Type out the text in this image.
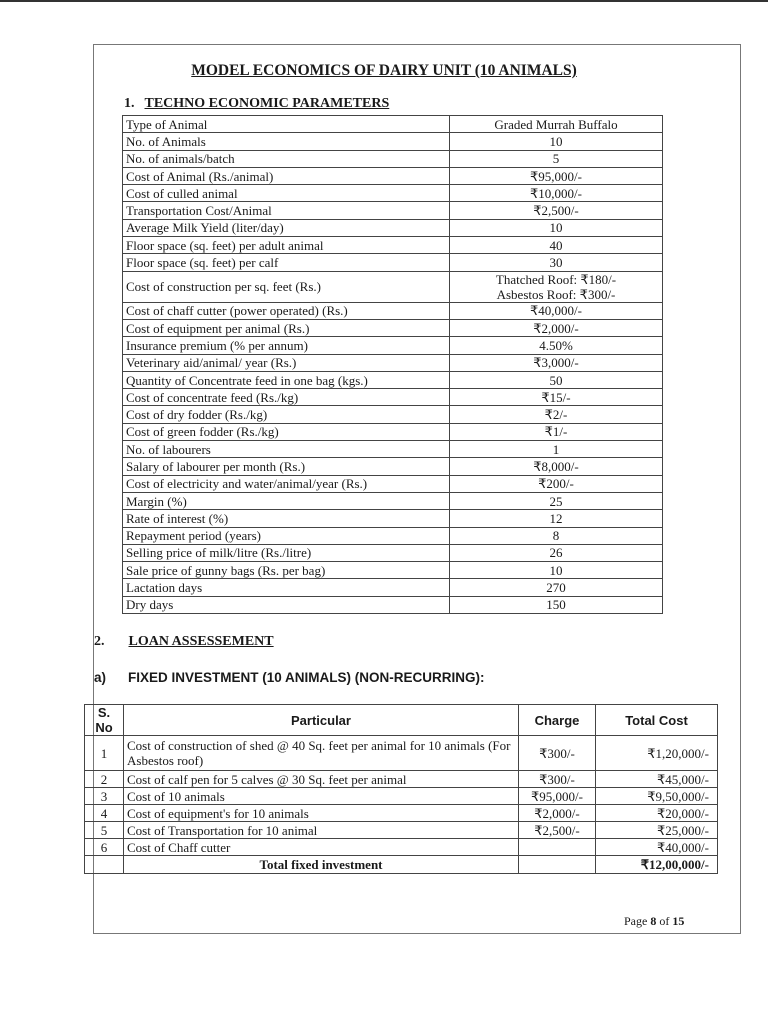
MODEL ECONOMICS OF DAIRY UNIT (10 ANIMALS)
1. TECHNO ECONOMIC PARAMETERS
Type of Animal	Graded Murrah Buffalo
No. of Animals	10
No. of animals/batch	5
Cost of Animal (Rs./animal)	₹95,000/-
Cost of culled animal	₹10,000/-
Transportation Cost/Animal	₹2,500/-
Average Milk Yield (liter/day)	10
Floor space (sq. feet) per adult animal	40
Floor space (sq. feet) per calf	30
Cost of construction per sq. feet (Rs.)	Thatched Roof: ₹180/-
Asbestos Roof: ₹300/-

Cost of chaff cutter (power operated) (Rs.)	₹40,000/-
Cost of equipment per animal (Rs.)	₹2,000/-
Insurance premium (% per annum)	4.50%
Veterinary aid/animal/ year (Rs.)	₹3,000/-
Quantity of Concentrate feed in one bag (kgs.)	50
Cost of concentrate feed (Rs./kg)	₹15/-
Cost of dry fodder (Rs./kg)	₹2/-
Cost of green fodder (Rs./kg)	₹1/-
No. of labourers	1
Salary of labourer per month (Rs.)	₹8,000/-
Cost of electricity and water/animal/year (Rs.)	₹200/-
Margin (%)	25
Rate of interest (%)	12
Repayment period (years)	8
Selling price of milk/litre (Rs./litre)	26
Sale price of gunny bags (Rs. per bag)	10
Lactation days	270
Dry days	150
2. LOAN ASSESSEMENT
a) FIXED INVESTMENT (10 ANIMALS) (NON-RECURRING):
S. No	Particular	Charge	Total Cost
1	Cost of construction of shed @ 40 Sq. feet per animal for 10 animals (For Asbestos roof)	₹300/-	₹1,20,000/-
2	Cost of calf pen for 5 calves @ 30 Sq. feet per animal	₹300/-	₹45,000/-
3	Cost of 10 animals	₹95,000/-	₹9,50,000/-
4	Cost of equipment's for 10 animals	₹2,000/-	₹20,000/-
5	Cost of Transportation for 10 animal	₹2,500/-	₹25,000/-
6	Cost of Chaff cutter		₹40,000/-
	Total fixed investment		₹12,00,000/-
Page 8 of 15
